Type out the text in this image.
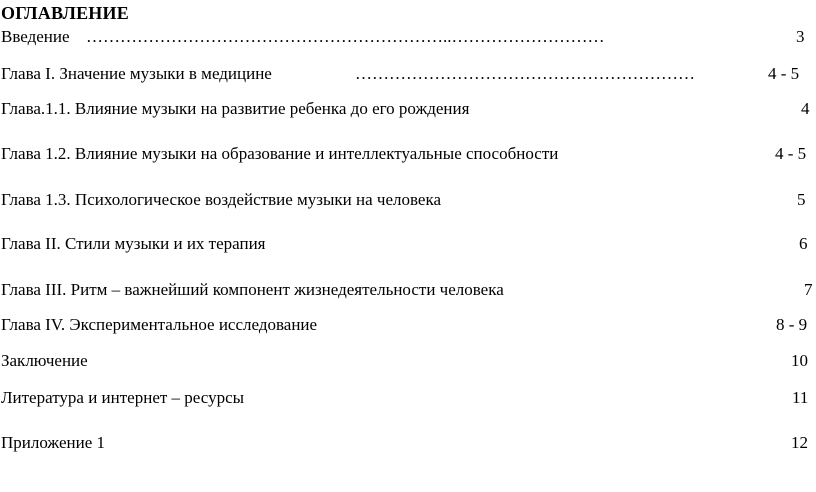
ОГЛАВЛЕНИЕ
Введение ………………………………………………………..………………………	3
Глава I. Значение музыки в медицине	……………………………………………………	4 - 5
Глава.1.1. Влияние музыки на развитие ребенка до его рождения	4
Глава 1.2. Влияние музыки на образование и интеллектуальные способности	4 - 5
Глава 1.3. Психологическое воздействие музыки на человека	5
Глава II. Стили музыки и их терапия	6
Глава III. Ритм – важнейший компонент жизнедеятельности человека	7
Глава IV. Экспериментальное исследование	8 - 9
Заключение	10
Литература и интернет – ресурсы	11
Приложение 1	12
